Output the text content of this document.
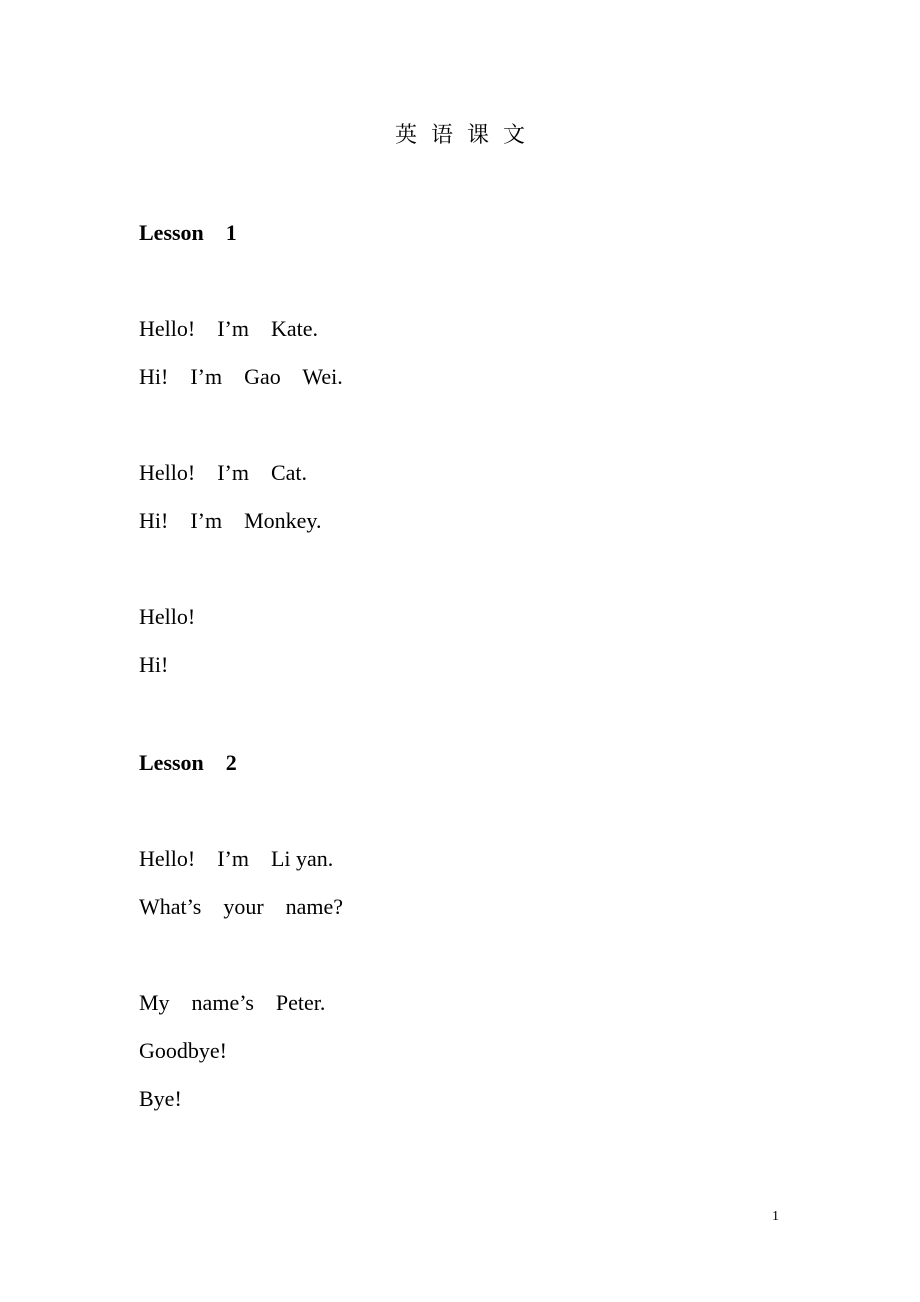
英  语  课  文
Lesson    1
Hello!    I’m    Kate.
Hi!    I’m    Gao    Wei.
Hello!    I’m    Cat.
Hi!    I’m    Monkey.
Hello!
Hi!
Lesson    2
Hello!    I’m    Li yan.
What’s    your    name?
My    name’s    Peter.
Goodbye!
Bye!
1
